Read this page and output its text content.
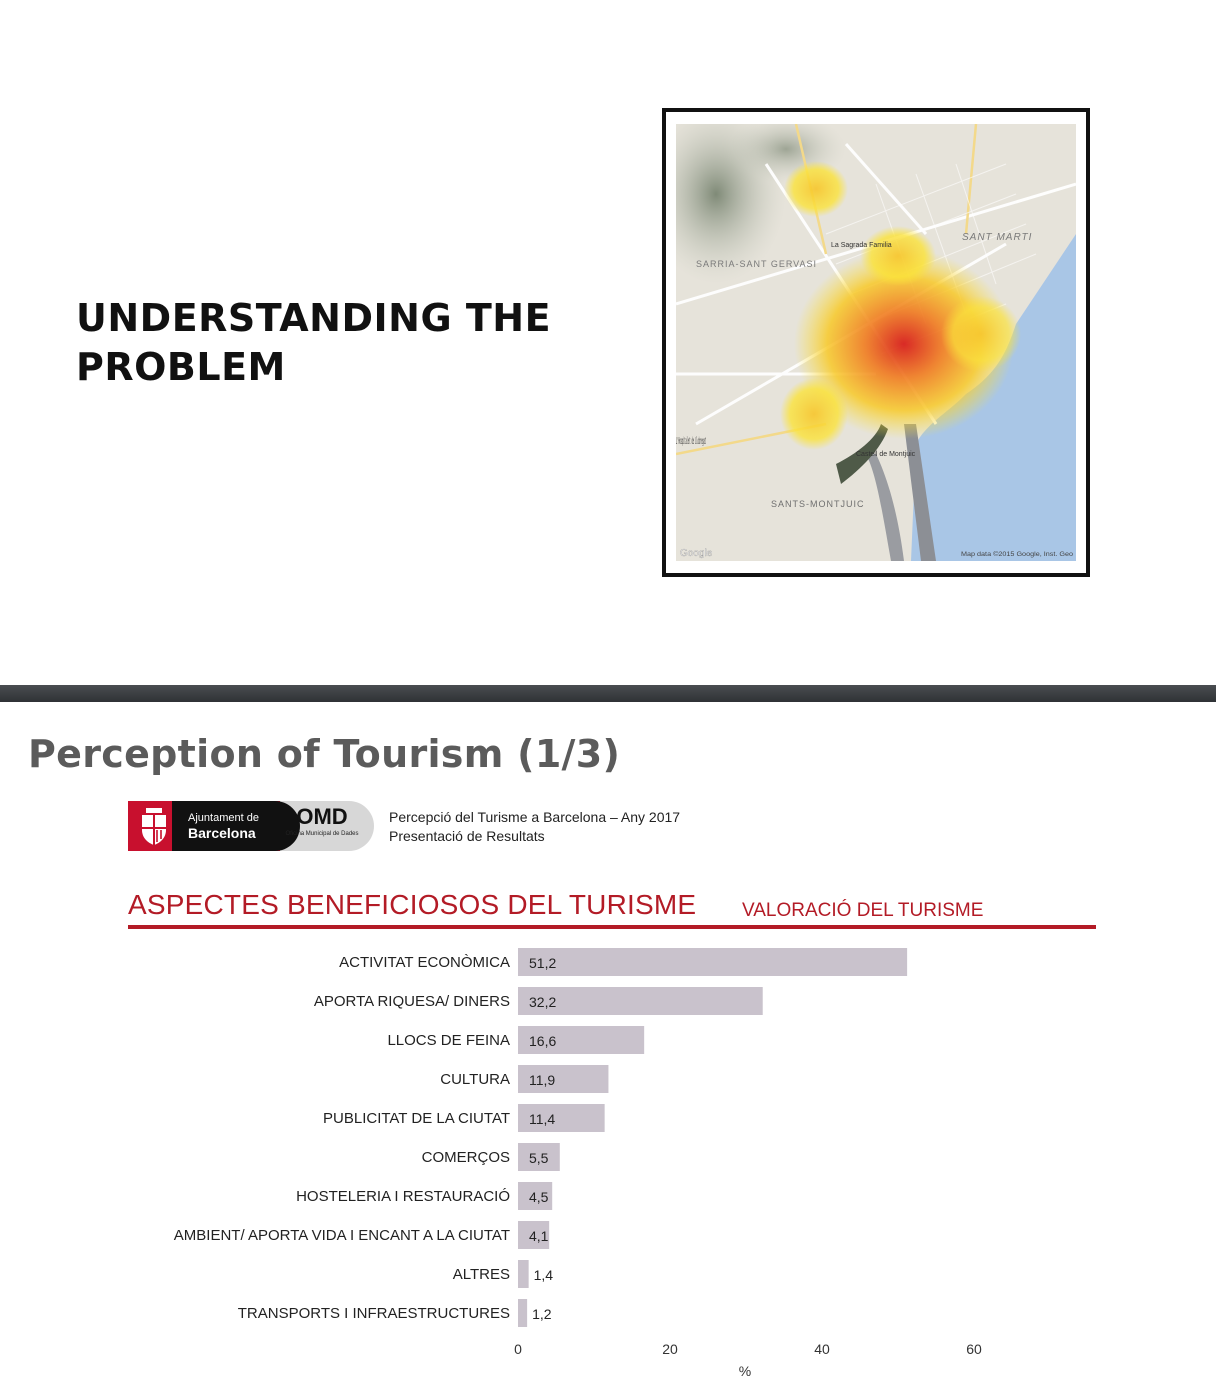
UNDERSTANDING THE PROBLEM
SARRIA-SANT GERVASI
SANT MARTI
SANTS-MONTJUIC
La Sagrada Familia
Castell de Montjuic
L'Hospitalet de Llobregat
Google	Map data ©2015 Google, Inst. Geo
Perception of Tourism (1/3)
Ajuntament de
Barcelona
OMD
Oficina Municipal de Dades
Percepció del Turisme a Barcelona – Any 2017
Presentació de Resultats
ASPECTES BENEFICIOSOS DEL TURISME VALORACIÓ DEL TURISME
ACTIVITAT ECONÒMICA 51,2
APORTA RIQUESA/ DINERS 32,2
LLOCS DE FEINA 16,6
CULTURA 11,9
PUBLICITAT DE LA CIUTAT 11,4
COMERÇOS 5,5
HOSTELERIA I RESTAURACIÓ 4,5
AMBIENT/ APORTA VIDA I ENCANT A LA CIUTAT 4,1
ALTRES 1,4
TRANSPORTS I INFRAESTRUCTURES 1,2
0	20	40	60
%
